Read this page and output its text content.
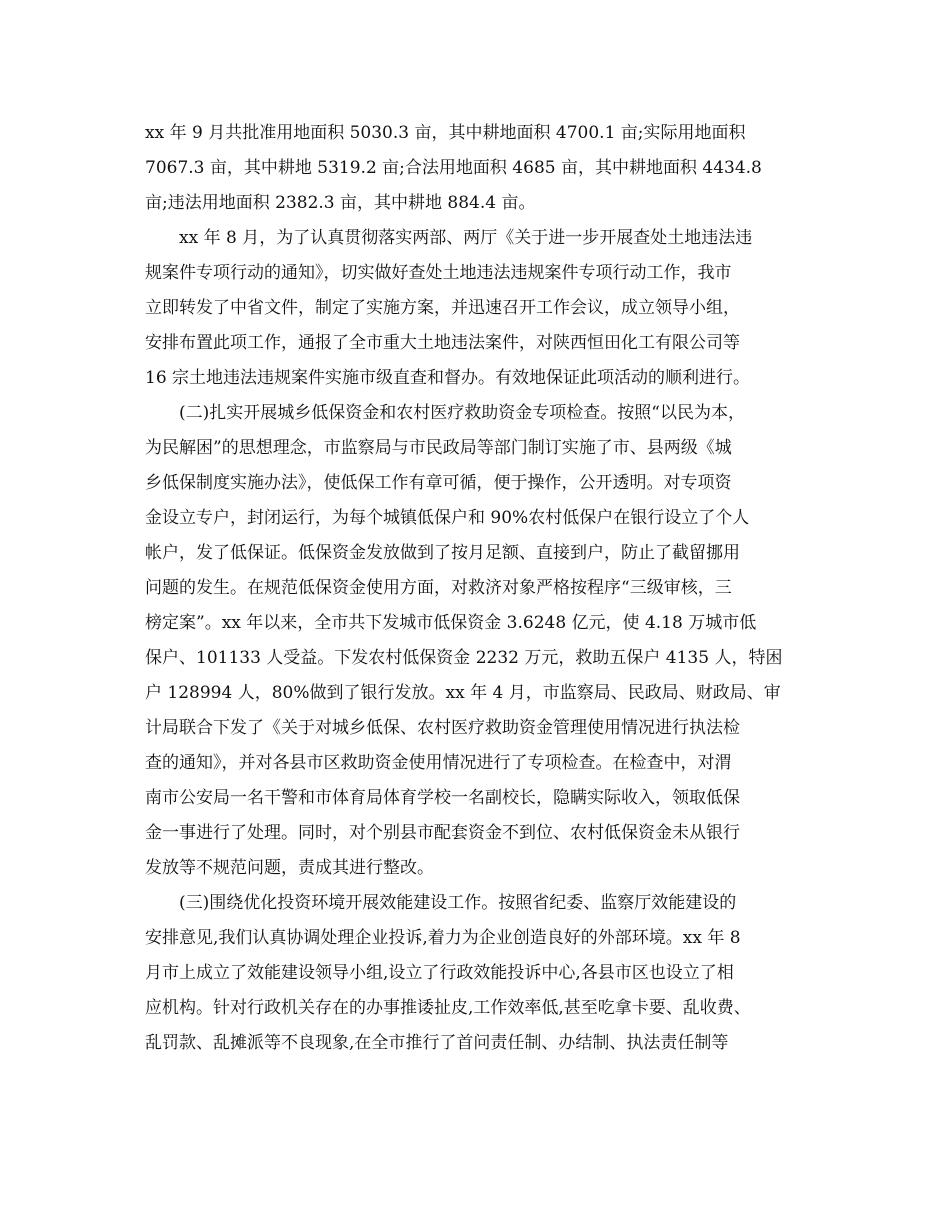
xx 年 9 月共批准用地面积 5030.3 亩，其中耕地面积 4700.1 亩;实际用地面积
7067.3 亩，其中耕地 5319.2 亩;合法用地面积 4685 亩，其中耕地面积 4434.8
亩;违法用地面积 2382.3 亩，其中耕地 884.4 亩。
xx 年 8 月，为了认真贯彻落实两部、两厅《关于进一步开展查处土地违法违
规案件专项行动的通知》，切实做好查处土地违法违规案件专项行动工作，我市
立即转发了中省文件，制定了实施方案，并迅速召开工作会议，成立领导小组，
安排布置此项工作，通报了全市重大土地违法案件，对陕西恒田化工有限公司等
16 宗土地违法违规案件实施市级直查和督办。有效地保证此项活动的顺利进行。
(二)扎实开展城乡低保资金和农村医疗救助资金专项检查。按照“以民为本，
为民解困”的思想理念，市监察局与市民政局等部门制订实施了市、县两级《城
乡低保制度实施办法》，使低保工作有章可循，便于操作，公开透明。对专项资
金设立专户，封闭运行，为每个城镇低保户和 90%农村低保户在银行设立了个人
帐户，发了低保证。低保资金发放做到了按月足额、直接到户，防止了截留挪用
问题的发生。在规范低保资金使用方面，对救济对象严格按程序“三级审核，三
榜定案”。xx 年以来，全市共下发城市低保资金 3.6248 亿元，使 4.18 万城市低
保户、101133 人受益。下发农村低保资金 2232 万元，救助五保户 4135 人，特困
户 128994 人，80%做到了银行发放。xx 年 4 月，市监察局、民政局、财政局、审
计局联合下发了《关于对城乡低保、农村医疗救助资金管理使用情况进行执法检
查的通知》，并对各县市区救助资金使用情况进行了专项检查。在检查中，对渭
南市公安局一名干警和市体育局体育学校一名副校长，隐瞒实际收入，领取低保
金一事进行了处理。同时，对个别县市配套资金不到位、农村低保资金未从银行
发放等不规范问题，责成其进行整改。
(三)围绕优化投资环境开展效能建设工作。按照省纪委、监察厅效能建设的
安排意见,我们认真协调处理企业投诉,着力为企业创造良好的外部环境。xx 年 8
月市上成立了效能建设领导小组,设立了行政效能投诉中心,各县市区也设立了相
应机构。针对行政机关存在的办事推诿扯皮,工作效率低,甚至吃拿卡要、乱收费、
乱罚款、乱摊派等不良现象,在全市推行了首问责任制、办结制、执法责任制等
